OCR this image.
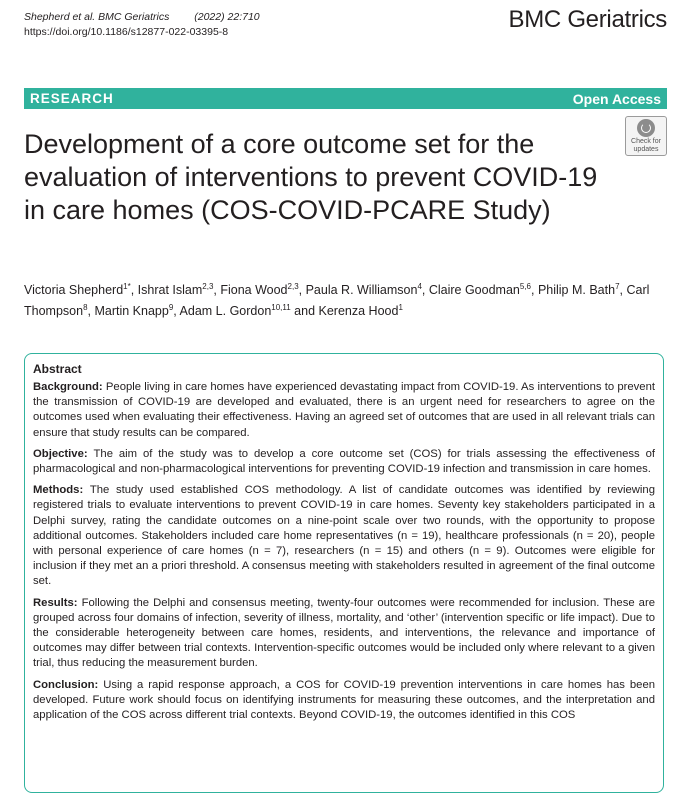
Shepherd et al. BMC Geriatrics (2022) 22:710
https://doi.org/10.1186/s12877-022-03395-8	BMC Geriatrics
RESEARCH	Open Access
Check for
updates
Development of a core outcome set for the evaluation of interventions to prevent COVID-19 in care homes (COS-COVID-PCARE Study)
Victoria Shepherd$^{1*}$, Ishrat Islam$^{2,3}$, Fiona Wood$^{2,3}$, Paula R. Williamson$^4$, Claire Goodman$^{5,6}$, Philip M. Bath$^7$, Carl Thompson$^8$, Martin Knapp$^9$, Adam L. Gordon$^{10,11}$ and Kerenza Hood$^1$
Abstract
Background: People living in care homes have experienced devastating impact from COVID-19. As interventions to prevent the transmission of COVID-19 are developed and evaluated, there is an urgent need for researchers to agree on the outcomes used when evaluating their effectiveness. Having an agreed set of outcomes that are used in all relevant trials can ensure that study results can be compared.
Objective: The aim of the study was to develop a core outcome set (COS) for trials assessing the effectiveness of pharmacological and non-pharmacological interventions for preventing COVID-19 infection and transmission in care homes.
Methods: The study used established COS methodology. A list of candidate outcomes was identified by reviewing registered trials to evaluate interventions to prevent COVID-19 in care homes. Seventy key stakeholders participated in a Delphi survey, rating the candidate outcomes on a nine-point scale over two rounds, with the opportunity to propose additional outcomes. Stakeholders included care home representatives (n = 19), healthcare professionals (n = 20), people with personal experience of care homes (n = 7), researchers (n = 15) and others (n = 9). Outcomes were eligible for inclusion if they met an a priori threshold. A consensus meeting with stakeholders resulted in agreement of the final outcome set.
Results: Following the Delphi and consensus meeting, twenty-four outcomes were recommended for inclusion. These are grouped across four domains of infection, severity of illness, mortality, and ‘other’ (intervention specific or life impact). Due to the considerable heterogeneity between care homes, residents, and interventions, the relevance and importance of outcomes may differ between trial contexts. Intervention-specific outcomes would be included only where relevant to a given trial, thus reducing the measurement burden.
Conclusion: Using a rapid response approach, a COS for COVID-19 prevention interventions in care homes has been developed. Future work should focus on identifying instruments for measuring these outcomes, and the interpretation and application of the COS across different trial contexts. Beyond COVID-19, the outcomes identified in this COS
